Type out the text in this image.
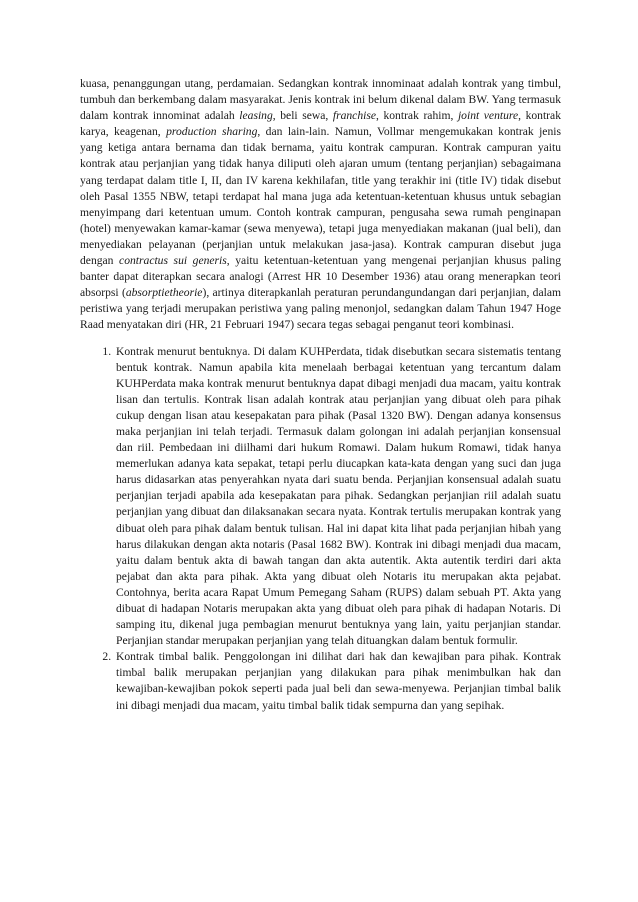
kuasa, penanggungan utang, perdamaian. Sedangkan kontrak innominaat adalah kontrak yang timbul, tumbuh dan berkembang dalam masyarakat. Jenis kontrak ini belum dikenal dalam BW. Yang termasuk dalam kontrak innominat adalah leasing, beli sewa, franchise, kontrak rahim, joint venture, kontrak karya, keagenan, production sharing, dan lain-lain. Namun, Vollmar mengemukakan kontrak jenis yang ketiga antara bernama dan tidak bernama, yaitu kontrak campuran. Kontrak campuran yaitu kontrak atau perjanjian yang tidak hanya diliputi oleh ajaran umum (tentang perjanjian) sebagaimana yang terdapat dalam title I, II, dan IV karena kekhilafan, title yang terakhir ini (title IV) tidak disebut oleh Pasal 1355 NBW, tetapi terdapat hal mana juga ada ketentuan-ketentuan khusus untuk sebagian menyimpang dari ketentuan umum. Contoh kontrak campuran, pengusaha sewa rumah penginapan (hotel) menyewakan kamar-kamar (sewa menyewa), tetapi juga menyediakan makanan (jual beli), dan menyediakan pelayanan (perjanjian untuk melakukan jasa-jasa). Kontrak campuran disebut juga dengan contractus sui generis, yaitu ketentuan-ketentuan yang mengenai perjanjian khusus paling banter dapat diterapkan secara analogi (Arrest HR 10 Desember 1936) atau orang menerapkan teori absorpsi (absorptietheorie), artinya diterapkanlah peraturan perundangundangan dari perjanjian, dalam peristiwa yang terjadi merupakan peristiwa yang paling menonjol, sedangkan dalam Tahun 1947 Hoge Raad menyatakan diri (HR, 21 Februari 1947) secara tegas sebagai penganut teori kombinasi.

1. Kontrak menurut bentuknya. Di dalam KUHPerdata, tidak disebutkan secara sistematis tentang bentuk kontrak. Namun apabila kita menelaah berbagai ketentuan yang tercantum dalam KUHPerdata maka kontrak menurut bentuknya dapat dibagi menjadi dua macam, yaitu kontrak lisan dan tertulis. Kontrak lisan adalah kontrak atau perjanjian yang dibuat oleh para pihak cukup dengan lisan atau kesepakatan para pihak (Pasal 1320 BW). Dengan adanya konsensus maka perjanjian ini telah terjadi. Termasuk dalam golongan ini adalah perjanjian konsensual dan riil. Pembedaan ini diilhami dari hukum Romawi. Dalam hukum Romawi, tidak hanya memerlukan adanya kata sepakat, tetapi perlu diucapkan kata-kata dengan yang suci dan juga harus didasarkan atas penyerahkan nyata dari suatu benda. Perjanjian konsensual adalah suatu perjanjian terjadi apabila ada kesepakatan para pihak. Sedangkan perjanjian riil adalah suatu perjanjian yang dibuat dan dilaksanakan secara nyata. Kontrak tertulis merupakan kontrak yang dibuat oleh para pihak dalam bentuk tulisan. Hal ini dapat kita lihat pada perjanjian hibah yang harus dilakukan dengan akta notaris (Pasal 1682 BW). Kontrak ini dibagi menjadi dua macam, yaitu dalam bentuk akta di bawah tangan dan akta autentik. Akta autentik terdiri dari akta pejabat dan akta para pihak. Akta yang dibuat oleh Notaris itu merupakan akta pejabat. Contohnya, berita acara Rapat Umum Pemegang Saham (RUPS) dalam sebuah PT. Akta yang dibuat di hadapan Notaris merupakan akta yang dibuat oleh para pihak di hadapan Notaris. Di samping itu, dikenal juga pembagian menurut bentuknya yang lain, yaitu perjanjian standar. Perjanjian standar merupakan perjanjian yang telah dituangkan dalam bentuk formulir.
2. Kontrak timbal balik. Penggolongan ini dilihat dari hak dan kewajiban para pihak. Kontrak timbal balik merupakan perjanjian yang dilakukan para pihak menimbulkan hak dan kewajiban-kewajiban pokok seperti pada jual beli dan sewa-menyewa. Perjanjian timbal balik ini dibagi menjadi dua macam, yaitu timbal balik tidak sempurna dan yang sepihak.
